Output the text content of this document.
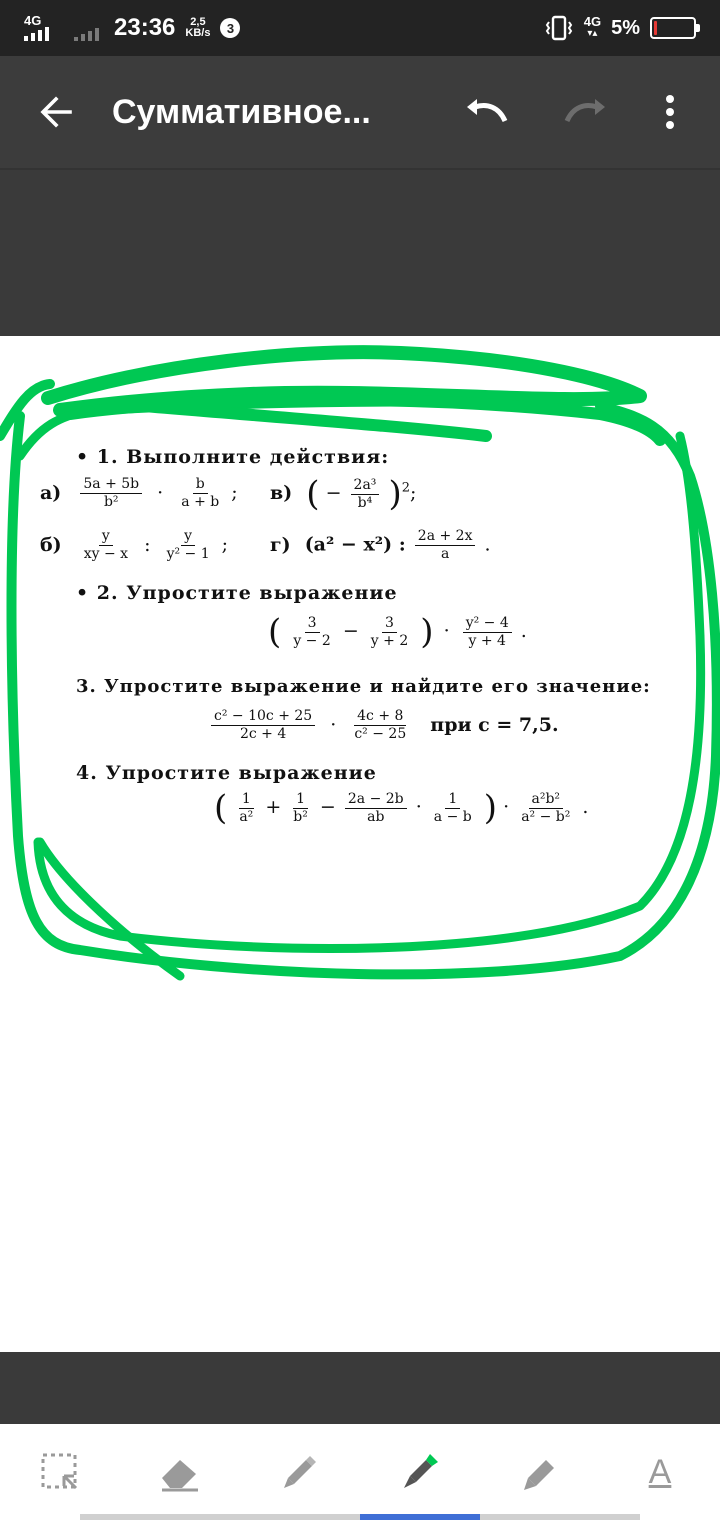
4G	23:36	2,5
KB/s	3	4G
▾▴ 5%
Суммативное...
• 1. Выполните действия:
$а) \frac{5a + 5b}{\text{b²}} \cdot \frac{b}{a + b}$ ; в) ( − $\frac{\text{2a³}}{\text{b⁴}} )^2$;
$б) \frac{y}{xy - x}$ : $\frac{y}{\text{y² − 1}}$ ; г) (a² − x²) : $\frac{2a + 2x}{a}$ .
• 2. Упростите выражение
( $\frac{3}{y - 2} - \frac{3}{y + 2}$ ) · $\frac{\text{y² − 4}}{y + 4}$ .
3. Упростите выражение и найдите его значение:
$\frac{\text{c² − 10c + 25}}{2c + 4} \cdot \frac{4c + 8}{\text{c² − 25}}$ при c = 7,5.
4. Упростите выражение
( $\frac{1}{\text{a²}} + \frac{1}{\text{b²}} - \frac{2a - 2b}{ab} \cdot \frac{1}{a - b}$ ) · $\frac{\text{a²b²}}{\text{a² − b²}}$ .
A
